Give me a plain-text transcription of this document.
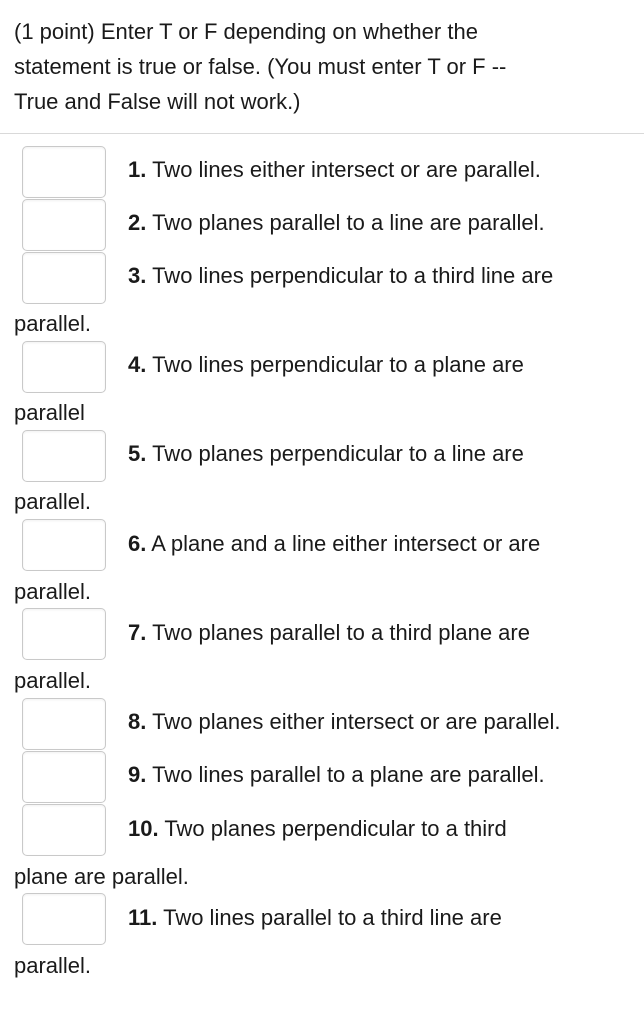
(1 point) Enter T or F depending on whether the
statement is true or false. (You must enter T or F --
True and False will not work.)
1. Two lines either intersect or are parallel.
2. Two planes parallel to a line are parallel.
3. Two lines perpendicular to a third line are
parallel.
4. Two lines perpendicular to a plane are
parallel
5. Two planes perpendicular to a line are
parallel.
6. A plane and a line either intersect or are
parallel.
7. Two planes parallel to a third plane are
parallel.
8. Two planes either intersect or are parallel.
9. Two lines parallel to a plane are parallel.
10. Two planes perpendicular to a third
plane are parallel.
11. Two lines parallel to a third line are
parallel.
